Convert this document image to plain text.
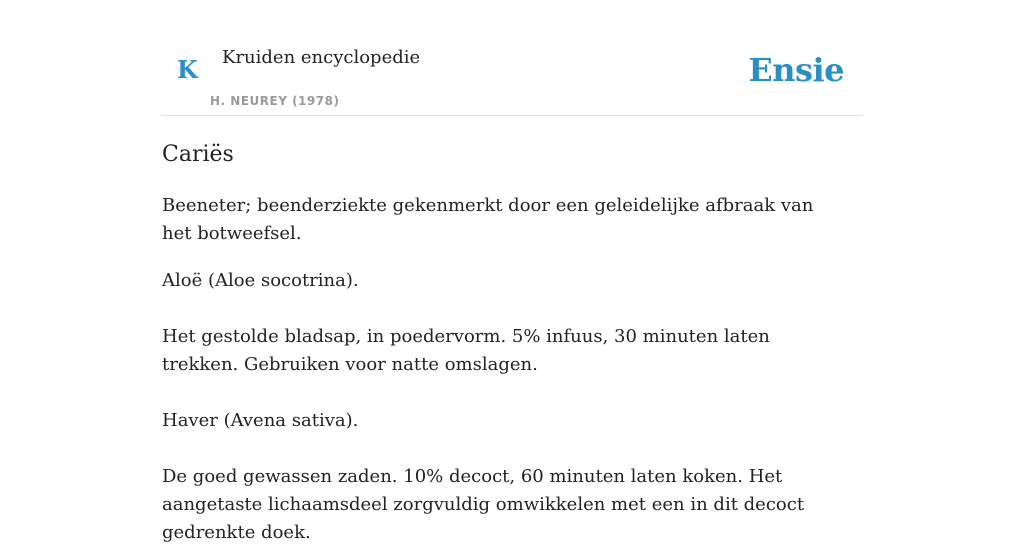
K Kruiden encyclopedie
H. NEUREY (1978)
Ensie
Cariës

Beeneter; beenderziekte gekenmerkt door een geleidelijke afbraak van het botweefsel.

Aloë (Aloe socotrina).

Het gestolde bladsap, in poedervorm. 5% infuus, 30 minuten laten trekken. Gebruiken voor natte omslagen.

Haver (Avena sativa).

De goed gewassen zaden. 10% decoct, 60 minuten laten koken. Het aangetaste lichaamsdeel zorgvuldig omwikkelen met een in dit decoct gedrenkte doek.
